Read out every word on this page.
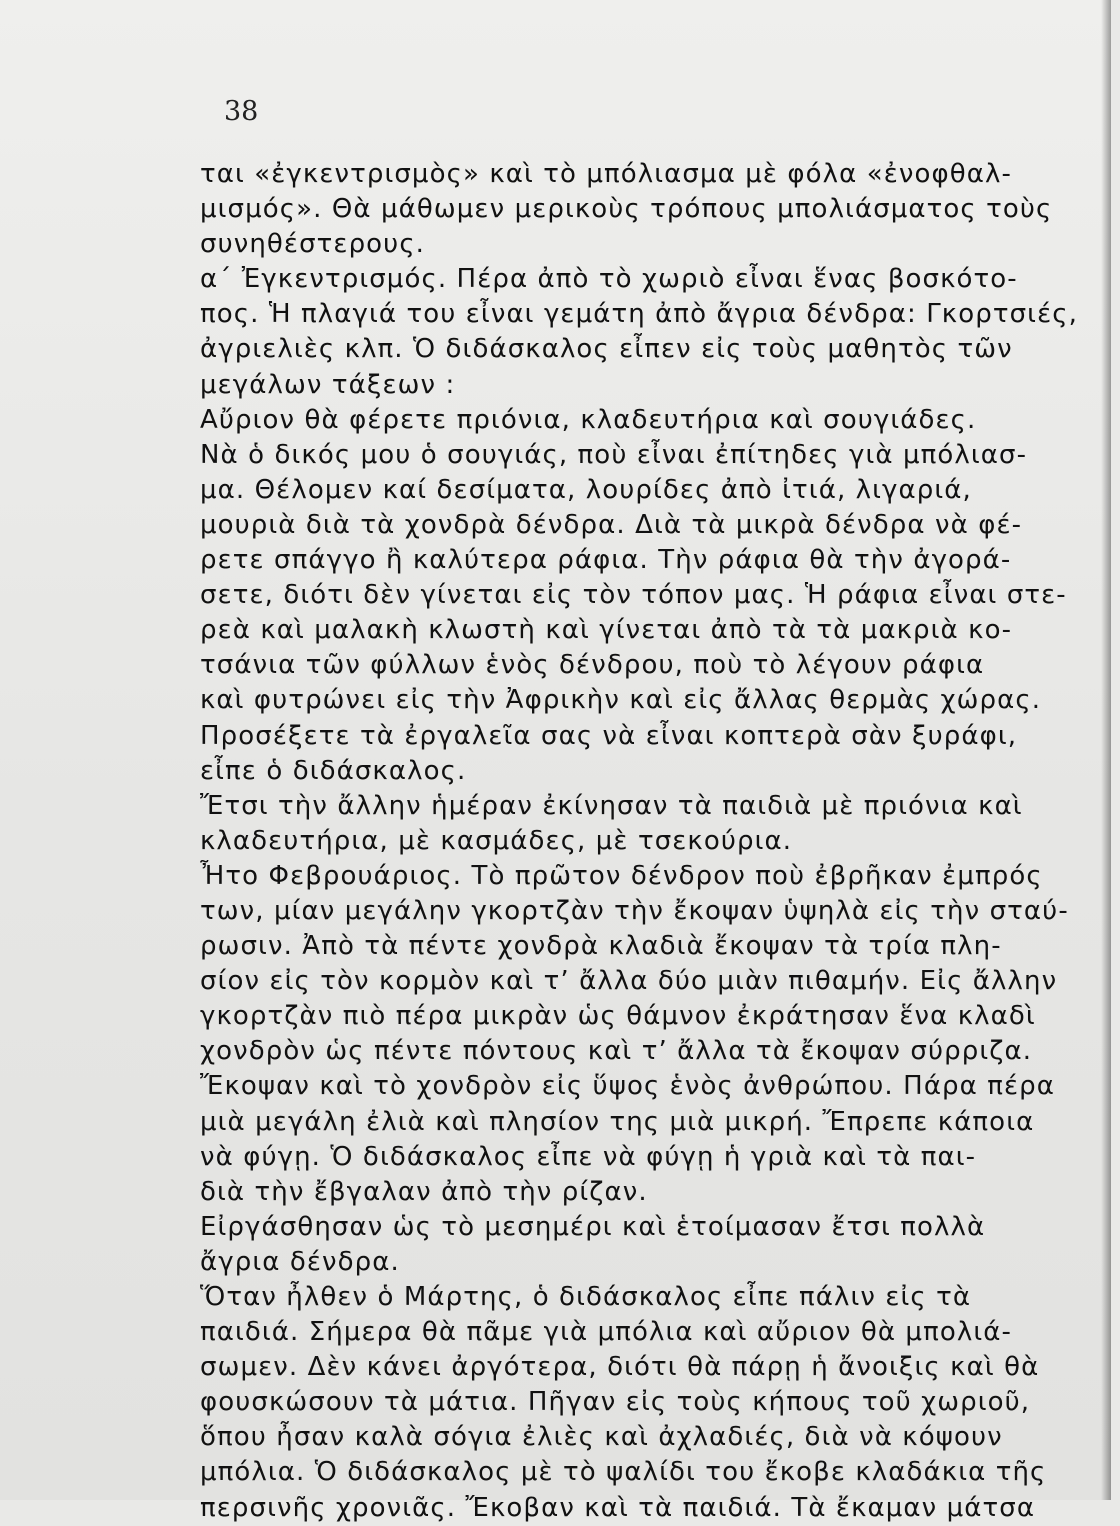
38
ται «ἐγκεντρισμὸς» καὶ τὸ μπόλιασμα μὲ φόλα «ἐνοφθαλ-
μισμός». Θὰ μάθωμεν μερικοὺς τρόπους μπολιάσματος τοὺς
συνηθέστερους.
α΄ Ἐγκεντρισμός. Πέρα ἀπὸ τὸ χωριὸ εἶναι ἕνας βοσκότο-
πος. Ἡ πλαγιά του εἶναι γεμάτη ἀπὸ ἄγρια δένδρα: Γκορτσιές,
ἀγριελιὲς κλπ. Ὁ διδάσκαλος εἶπεν εἰς τοὺς μαθητὸς τῶν
μεγάλων τάξεων :
Αὔριον θὰ φέρετε πριόνια, κλαδευτήρια καὶ σουγιάδες.
Νὰ ὁ δικός μου ὁ σουγιάς, ποὺ εἶναι ἐπίτηδες γιὰ μπόλιασ-
μα. Θέλομεν καί δεσίματα, λουρίδες ἀπὸ ἰτιά, λιγαριά,
μουριὰ διὰ τὰ χονδρὰ δένδρα. Διὰ τὰ μικρὰ δένδρα νὰ φέ-
ρετε σπάγγο ἢ καλύτερα ράφια. Τὴν ράφια θὰ τὴν ἀγορά-
σετε, διότι δὲν γίνεται εἰς τὸν τόπον μας. Ἡ ράφια εἶναι στε-
ρεὰ καὶ μαλακὴ κλωστὴ καὶ γίνεται ἀπὸ τὰ τὰ μακριὰ κο-
τσάνια τῶν φύλλων ἑνὸς δένδρου, ποὺ τὸ λέγουν ράφια
καὶ φυτρώνει εἰς τὴν Ἀφρικὴν καὶ εἰς ἄλλας θερμὰς χώρας.
Προσέξετε τὰ ἐργαλεῖα σας νὰ εἶναι κοπτερὰ σὰν ξυράφι,
εἶπε ὁ διδάσκαλος.
Ἔτσι τὴν ἄλλην ἡμέραν ἐκίνησαν τὰ παιδιὰ μὲ πριόνια καὶ
κλαδευτήρια, μὲ κασμάδες, μὲ τσεκούρια.
Ἦτο Φεβρουάριος. Τὸ πρῶτον δένδρον ποὺ ἐβρῆκαν ἐμπρός
των, μίαν μεγάλην γκορτζὰν τὴν ἔκοψαν ὑψηλὰ εἰς τὴν σταύ-
ρωσιν. Ἀπὸ τὰ πέντε χονδρὰ κλαδιὰ ἔκοψαν τὰ τρία πλη-
σίον εἰς τὸν κορμὸν καὶ τ’ ἄλλα δύο μιὰν πιθαμήν. Εἰς ἄλλην
γκορτζὰν πιὸ πέρα μικρὰν ὡς θάμνον ἐκράτησαν ἕνα κλαδὶ
χονδρὸν ὡς πέντε πόντους καὶ τ’ ἄλλα τὰ ἔκοψαν σύρριζα.
Ἔκοψαν καὶ τὸ χονδρὸν εἰς ὕψος ἑνὸς ἀνθρώπου. Πάρα πέρα
μιὰ μεγάλη ἐλιὰ καὶ πλησίον της μιὰ μικρή. Ἔπρεπε κάποια
νὰ φύγῃ. Ὁ διδάσκαλος εἶπε νὰ φύγῃ ἡ γριὰ καὶ τὰ παι-
διὰ τὴν ἔβγαλαν ἀπὸ τὴν ρίζαν.
Εἰργάσθησαν ὡς τὸ μεσημέρι καὶ ἑτοίμασαν ἔτσι πολλὰ
ἄγρια δένδρα.
Ὅταν ἦλθεν ὁ Μάρτης, ὁ διδάσκαλος εἶπε πάλιν εἰς τὰ
παιδιά. Σήμερα θὰ πᾶμε γιὰ μπόλια καὶ αὔριον θὰ μπολιά-
σωμεν. Δὲν κάνει ἀργότερα, διότι θὰ πάρῃ ἡ ἄνοιξις καὶ θὰ
φουσκώσουν τὰ μάτια. Πῆγαν εἰς τοὺς κήπους τοῦ χωριοῦ,
ὅπου ἦσαν καλὰ σόγια ἐλιὲς καὶ ἀχλαδιές, διὰ νὰ κόψουν
μπόλια. Ὁ διδάσκαλος μὲ τὸ ψαλίδι του ἔκοβε κλαδάκια τῆς
περσινῆς χρονιᾶς. Ἔκοβαν καὶ τὰ παιδιά. Τὰ ἔκαμαν μάτσα
